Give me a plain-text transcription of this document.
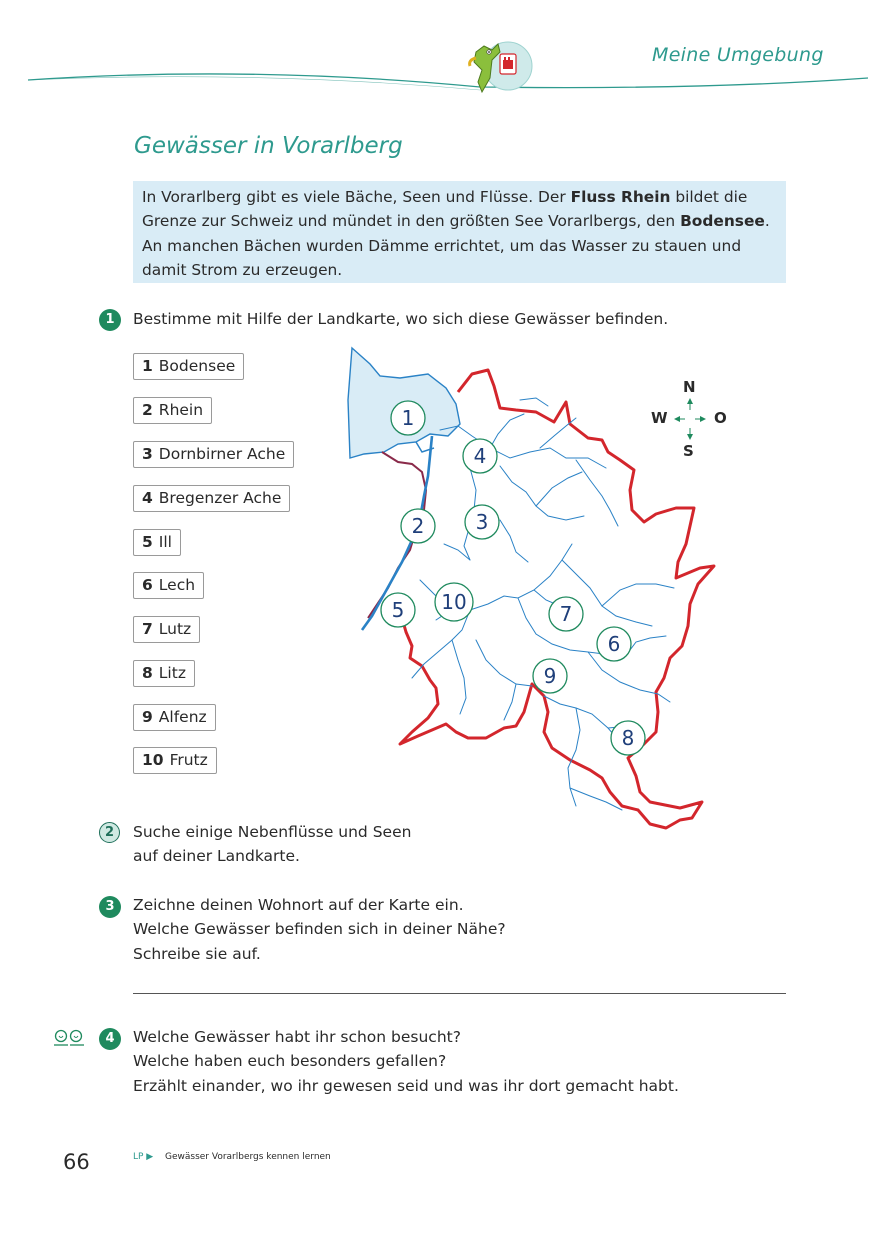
Meine Umgebung
Gewässer in Vorarlberg
In Vorarlberg gibt es viele Bäche, Seen und Flüsse. Der Fluss Rhein bildet die Grenze zur Schweiz und mündet in den größten See Vorarlbergs, den Bodensee. An manchen Bächen wurden Dämme errichtet, um das Wasser zu stauen und damit Strom zu erzeugen.
1	Bestimme mit Hilfe der Landkarte, wo sich diese Gewässer befinden.
1 Bodensee
2 Rhein
3 Dornbirner Ache
4 Bregenzer Ache
5 Ill
6 Lech
7 Lutz
8 Litz
9 Alfenz
10 Frutz
1
4
2	3
10
5	7
6
9
8
N
S
W	O
2	Suche einige Nebenflüsse und Seen
auf deiner Landkarte.
3	Zeichne deinen Wohnort auf der Karte ein.
Welche Gewässer befinden sich in deiner Nähe?
Schreibe sie auf.
4	Welche Gewässer habt ihr schon besucht?
Welche haben euch besonders gefallen?
Erzählt einander, wo ihr gewesen seid und was ihr dort gemacht habt.
66	LP ▶ Gewässer Vorarlbergs kennen lernen
